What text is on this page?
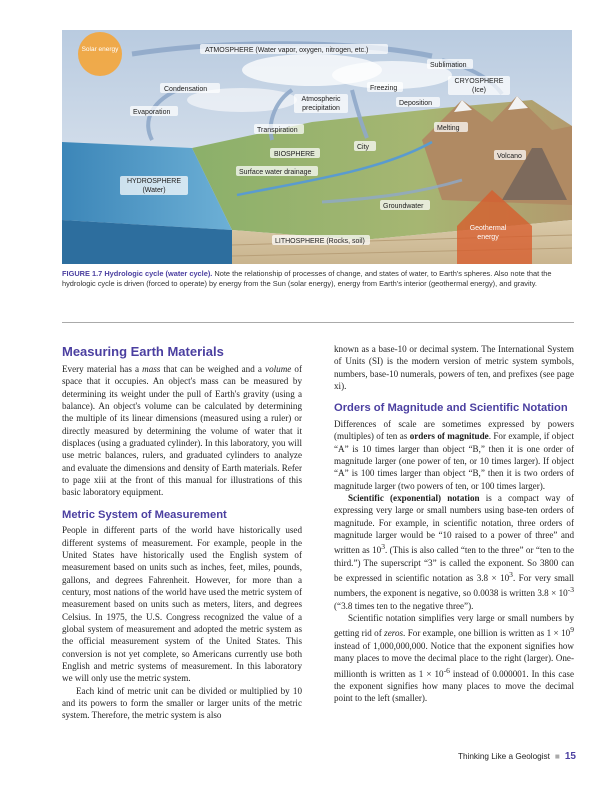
Solar energy	ATMOSPHERE (Water vapor, oxygen, nitrogen, etc.)
Sublimation
CRYOSPHERE
(Ice)
Condensation	Freezing
Deposition
Atmospheric
precipitation
Evaporation
Transpiration	Melting
City
BIOSPHERE	Volcano
Surface water drainage
HYDROSPHERE
(Water)
Groundwater
Geothermal
energy
LITHOSPHERE (Rocks, soil)
FIGURE 1.7 Hydrologic cycle (water cycle). Note the relationship of processes of change, and states of water, to Earth's spheres. Also note that the hydrologic cycle is driven (forced to operate) by energy from the Sun (solar energy), energy from Earth's interior (geothermal energy), and gravity.
Measuring Earth Materials

Every material has a mass that can be weighed and a volume of space that it occupies. An object's mass can be measured by determining its weight under the pull of Earth's gravity (using a balance). An object's volume can be calculated by determining the multiple of its linear dimensions (measured using a ruler) or directly measured by determining the volume of water that it displaces (using a graduated cylinder). In this laboratory, you will use metric balances, rulers, and graduated cylinders to analyze and evaluate the dimensions and density of Earth materials. Refer to page xiii at the front of this manual for illustrations of this basic laboratory equipment.

Metric System of Measurement

People in different parts of the world have historically used different systems of measurement. For example, people in the United States have historically used the English system of measurement based on units such as inches, feet, miles, pounds, gallons, and degrees Fahrenheit. However, for more than a century, most nations of the world have used the metric system of measurement based on units such as meters, liters, and degrees Celsius. In 1975, the U.S. Congress recognized the value of a global system of measurement and adopted the metric system as the official measurement system of the United States. This conversion is not yet complete, so Americans currently use both English and metric systems of measurement. In this laboratory we will only use the metric system.

Each kind of metric unit can be divided or multiplied by 10 and its powers to form the smaller or larger units of the metric system. Therefore, the metric system is also

known as a base-10 or decimal system. The International System of Units (SI) is the modern version of metric system symbols, numbers, base-10 numerals, powers of ten, and prefixes (see page xi).

Orders of Magnitude and Scientific Notation

Differences of scale are sometimes expressed by powers (multiples) of ten as orders of magnitude. For example, if object “A” is 10 times larger than object “B,” then it is one order of magnitude larger (one power of ten, or 10 times larger). If object “A” is 100 times larger than object “B,” then it is two orders of magnitude larger (two powers of ten, or 100 times larger).

Scientific (exponential) notation is a compact way of expressing very large or small numbers using base-ten orders of magnitude. For example, in scientific notation, three orders of magnitude larger would be “10 raised to a power of three” and written as $10^3$. (This is also called “ten to the three” or “ten to the third.”) The superscript “3” is called the exponent. So 3800 can be expressed in scientific notation as $3.8 \times 10^3$. For very small numbers, the exponent is negative, so 0.0038 is written $3.8 \times 10^{-3}$ (“3.8 times ten to the negative three”).

Scientific notation simplifies very large or small numbers by getting rid of zeros. For example, one billion is written as $1 \times 10^9$ instead of 1,000,000,000. Notice that the exponent signifies how many places to move the decimal place to the right (larger). One-millionth is written as $1 \times 10^{-6}$ instead of 0.000001. In this case the exponent signifies how many places to move the decimal point to the left (smaller).

Thinking Like a Geologist ■ 15
